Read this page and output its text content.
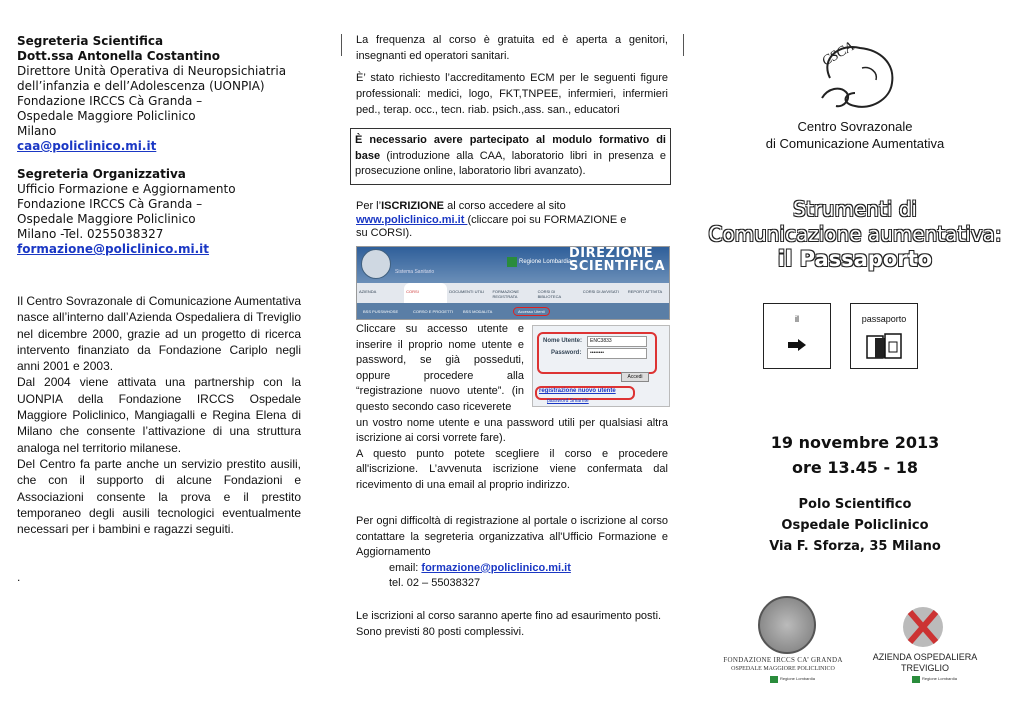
Segreteria Scientifica
Dott.ssa Antonella Costantino
Direttore Unità Operativa di Neuropsichiatria
dell’infanzia e dell’Adolescenza (UONPIA)
Fondazione IRCCS Cà Granda –
Ospedale Maggiore Policlinico
Milano
caa@policlinico.mi.it
Segreteria Organizzativa
Ufficio Formazione e Aggiornamento
Fondazione IRCCS Cà Granda –
Ospedale Maggiore Policlinico
Milano -Tel. 0255038327
formazione@policlinico.mi.it
Il Centro Sovrazonale di Comunicazione Aumentativa nasce all’interno dall’Azienda Ospedaliera di Treviglio nel dicembre 2000, grazie ad un progetto di ricerca intervento finanziato da Fondazione Cariplo negli anni 2001 e 2003.
Dal 2004 viene attivata una partnership con la UONPIA della Fondazione IRCCS Ospedale Maggiore Policlinico, Mangiagalli e Regina Elena di Milano che consente l’attivazione di una struttura analoga nel territorio milanese.
Del Centro fa parte anche un servizio prestito ausili, che con il supporto di alcune Fondazioni e Associazioni consente la prova e il prestito temporaneo degli ausili tecnologici eventualmente necessari per i bambini e ragazzi seguiti.
.
La frequenza al corso è gratuita ed è aperta a genitori, insegnanti ed operatori sanitari.
È’ stato richiesto l’accreditamento ECM per le seguenti figure professionali: medici, logo, FKT,TNPEE, infermieri, infermieri ped., terap. occ., tecn. riab. psich.,ass. san., educatori
È necessario avere partecipato al modulo formativo di base (introduzione alla CAA, laboratorio libri in presenza e prosecuzione online, laboratorio libri avanzato).
Per l’ISCRIZIONE al corso accedere al sito
www.policlinico.mi.it (cliccare poi su FORMAZIONE e
su CORSI).
Sistema Sanitario
Regione Lombardia
DIREZIONE
SCIENTIFICA
AZIENDA	CORSI	DOCUMENTI UTILI	FORMAZIONE REGISTRATA
CORSI DI BIBLIOTECA
CORSI DI AVVISATI	REPORT ATTIVITA
BSS PUSSWHOSE	CORSO E PROGETTI	BSS MODALITA	Accesso Utenti
Cliccare su accesso utente e
inserire il proprio nome utente e
password, se già posseduti,
oppure procedere alla
“registrazione nuovo utente”. (in
questo secondo caso riceverete
un vostro nome utente e una password utili per qualsiasi altra iscrizione ai corsi vorrete fare).
A questo punto potete scegliere il corso e procedere all'iscrizione. L’avvenuta iscrizione viene confermata dal ricevimento di una email al proprio indirizzo.
Nome Utente:	ENC3833
Password:	••••••••
Accedi
registrazione nuovo utente
password Smarrite
Per ogni difficoltà di registrazione al portale o iscrizione al corso contattare la segreteria organizzativa all'Ufficio Formazione e Aggiornamento
email: formazione@policlinico.mi.it
tel. 02 – 55038327
Le iscrizioni al corso saranno aperte fino ad esaurimento posti.
Sono previsti 80 posti complessivi.
CSCA
Centro Sovrazonale
di Comunicazione Aumentativa
Strumenti di
Comunicazione aumentativa:
il Passaporto
il	passaporto
19 novembre 2013
ore 13.45 - 18
Polo Scientifico
Ospedale Policlinico
Via F. Sforza, 35 Milano
FONDAZIONE IRCCS CA’ GRANDA
OSPEDALE MAGGIORE POLICLINICO
Regione Lombardia
AZIENDA OSPEDALIERA
TREVIGLIO
Regione Lombardia
